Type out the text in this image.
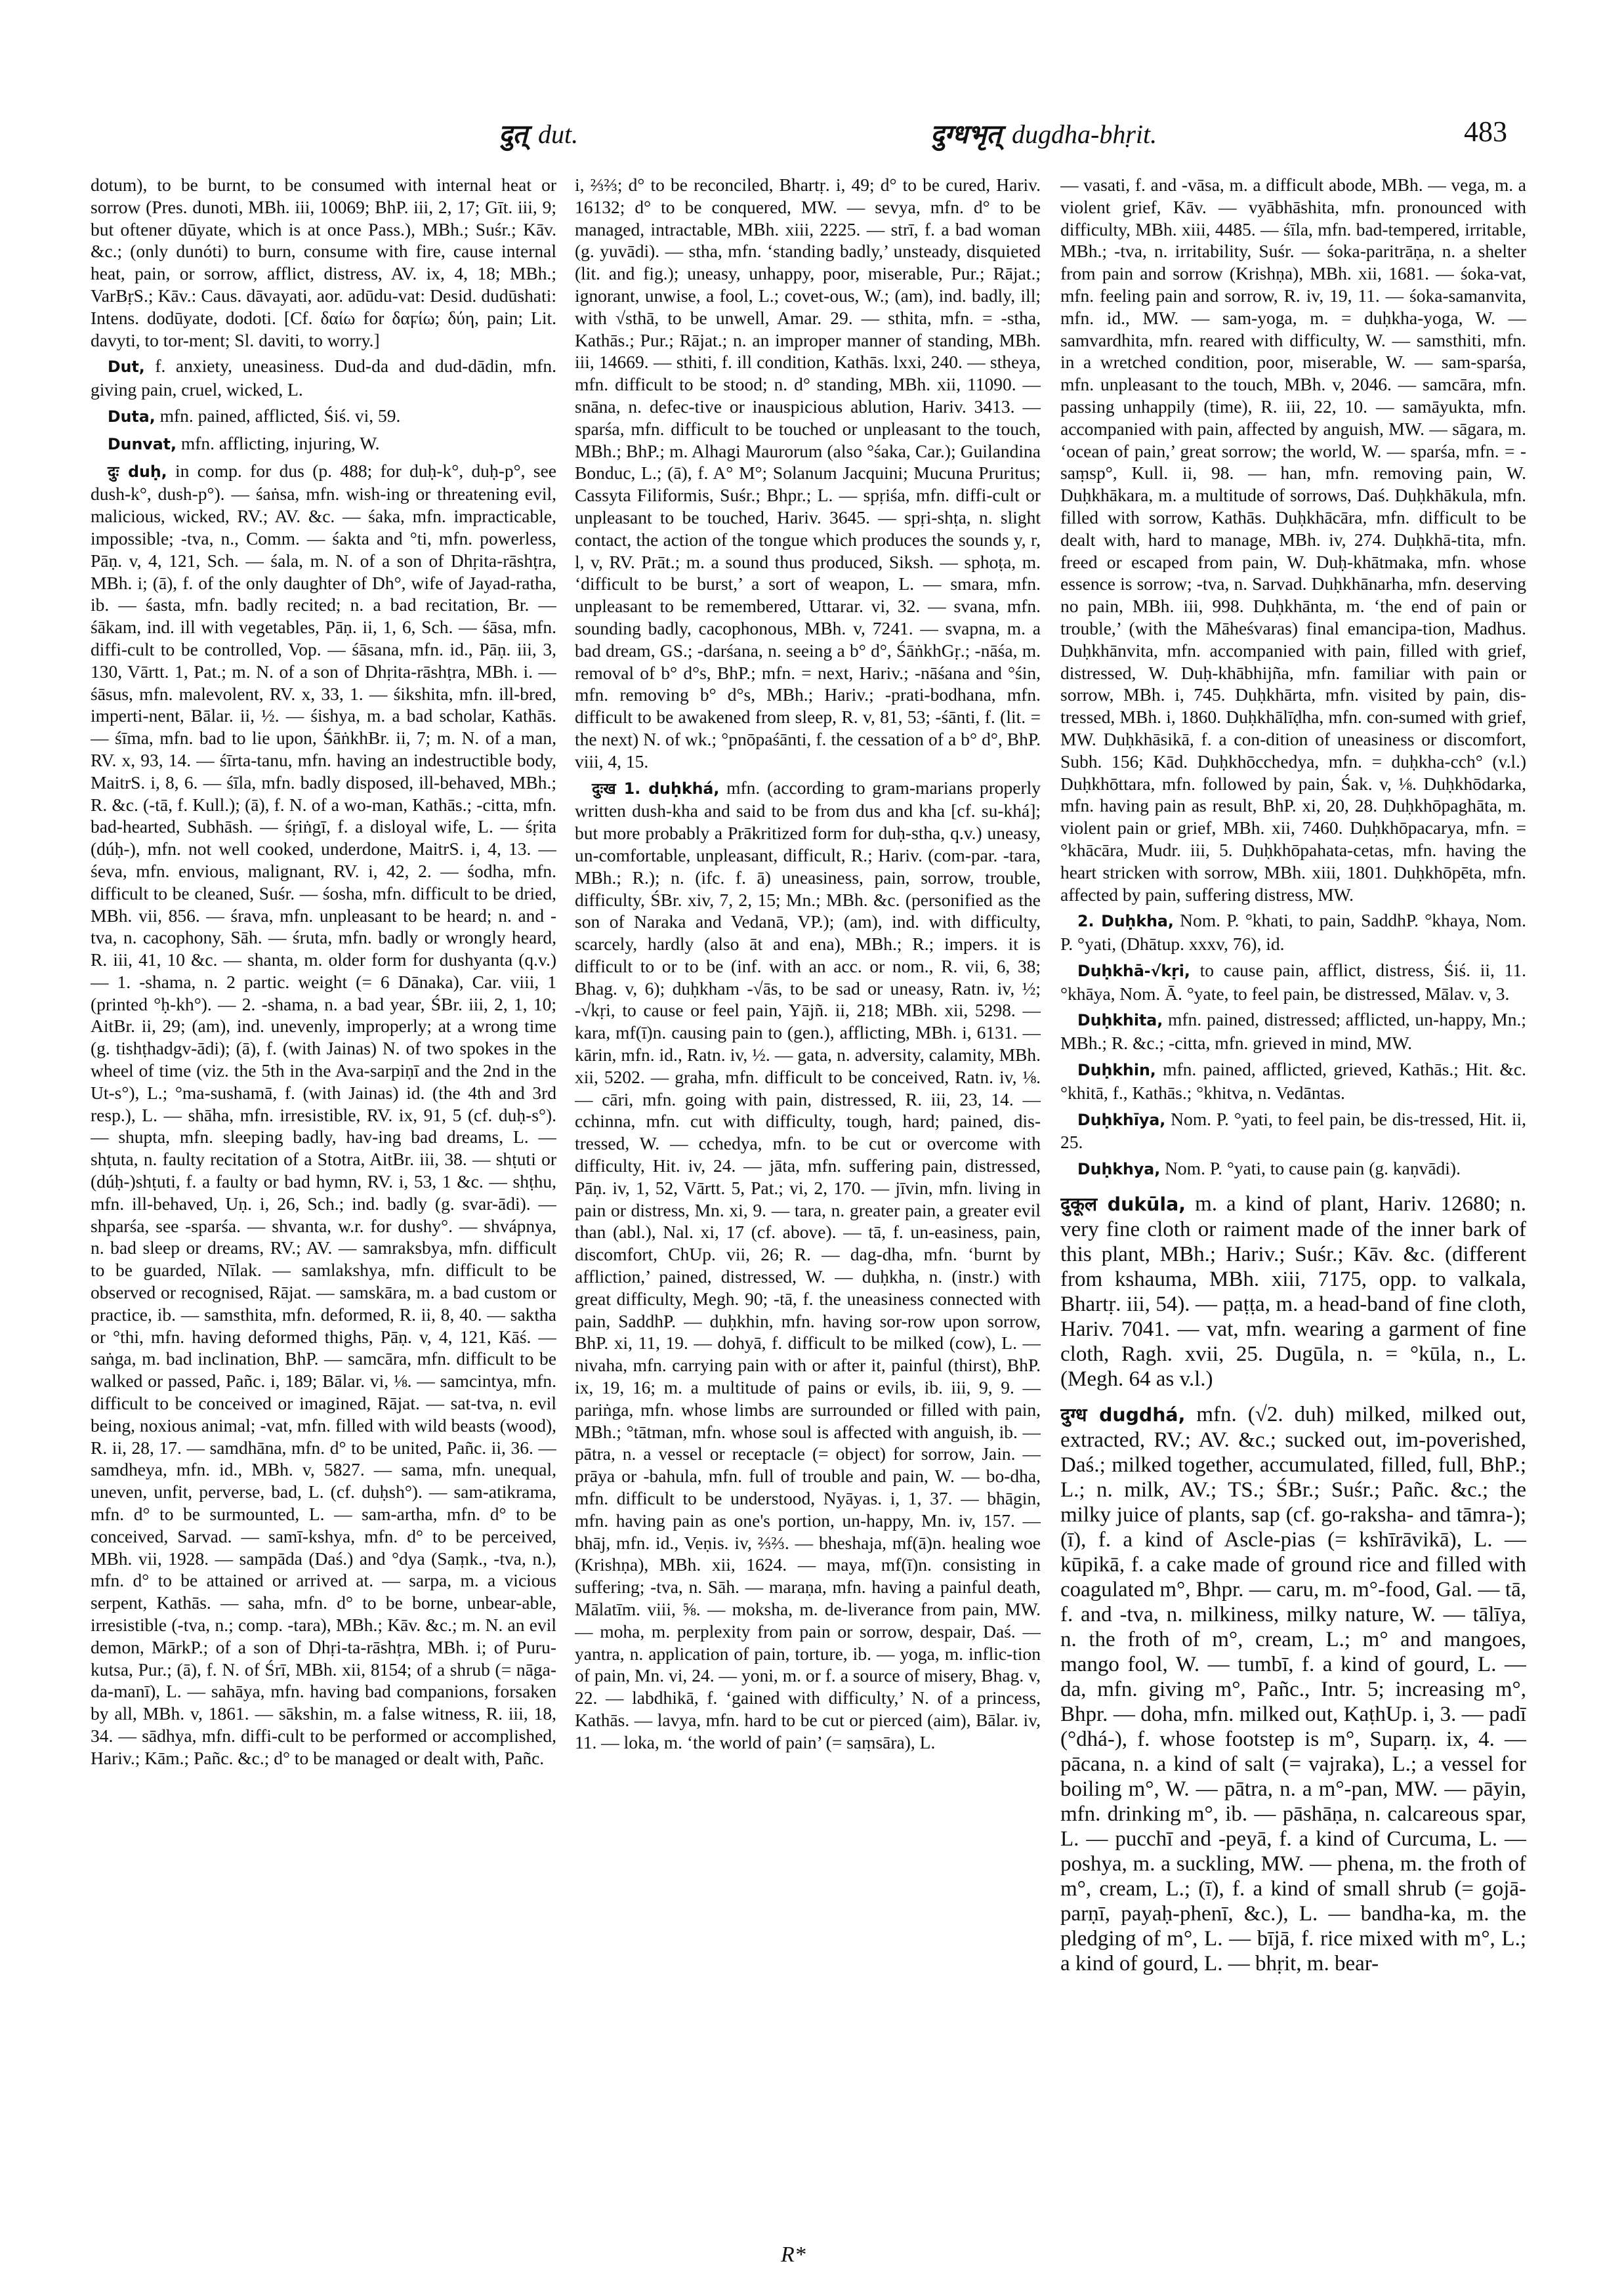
दुत् dut.	दुग्धभृत् dugdha-bhṛit.	483

dotum), to be burnt, to be consumed with internal heat or sorrow (Pres. dunoti, MBh. iii, 10069; BhP. iii, 2, 17; Gīt. iii, 9; but oftener dūyate, which is at once Pass.), MBh.; Suśr.; Kāv. &c.; (only dunóti) to burn, consume with fire, cause internal heat, pain, or sorrow, afflict, distress, AV. ix, 4, 18; MBh.; VarBṛS.; Kāv.: Caus. dāvayati, aor. adūdu-vat: Desid. dudūshati: Intens. dodūyate, dodoti. [Cf. δαίω for δαϝίω; δύη, pain; Lit. davyti, to tor-ment; Sl. daviti, to worry.]

Dut, f. anxiety, uneasiness. Dud-da and dud-dādin, mfn. giving pain, cruel, wicked, L.

Duta, mfn. pained, afflicted, Śiś. vi, 59.

Dunvat, mfn. afflicting, injuring, W.

दुः duḥ, in comp. for dus (p. 488; for duḥ-k°, duḥ-p°, see dush-k°, dush-p°). — śaṅsa, mfn. wish-ing or threatening evil, malicious, wicked, RV.; AV. &c. — śaka, mfn. impracticable, impossible; -tva, n., Comm. — śakta and °ti, mfn. powerless, Pāṇ. v, 4, 121, Sch. — śala, m. N. of a son of Dhṛita-rāshṭra, MBh. i; (ā), f. of the only daughter of Dh°, wife of Jayad-ratha, ib. — śasta, mfn. badly recited; n. a bad recitation, Br. — śākam, ind. ill with vegetables, Pāṇ. ii, 1, 6, Sch. — śāsa, mfn. diffi-cult to be controlled, Vop. — śāsana, mfn. id., Pāṇ. iii, 3, 130, Vārtt. 1, Pat.; m. N. of a son of Dhṛita-rāshṭra, MBh. i. — śāsus, mfn. malevolent, RV. x, 33, 1. — śikshita, mfn. ill-bred, imperti-nent, Bālar. ii, ½. — śishya, m. a bad scholar, Kathās. — śīma, mfn. bad to lie upon, ŚāṅkhBr. ii, 7; m. N. of a man, RV. x, 93, 14. — śīrta-tanu, mfn. having an indestructible body, MaitrS. i, 8, 6. — śīla, mfn. badly disposed, ill-behaved, MBh.; R. &c. (-tā, f. Kull.); (ā), f. N. of a wo-man, Kathās.; -citta, mfn. bad-hearted, Subhāsh. — śṛiṅgī, f. a disloyal wife, L. — śṛita (dúḥ-), mfn. not well cooked, underdone, MaitrS. i, 4, 13. — śeva, mfn. envious, malignant, RV. i, 42, 2. — śodha, mfn. difficult to be cleaned, Suśr. — śosha, mfn. difficult to be dried, MBh. vii, 856. — śrava, mfn. unpleasant to be heard; n. and -tva, n. cacophony, Sāh. — śruta, mfn. badly or wrongly heard, R. iii, 41, 10 &c. — shanta, m. older form for dushyanta (q.v.) — 1. -shama, n. 2 partic. weight (= 6 Dānaka), Car. viii, 1 (printed °ḥ-kh°). — 2. -shama, n. a bad year, ŚBr. iii, 2, 1, 10; AitBr. ii, 29; (am), ind. unevenly, improperly; at a wrong time (g. tishṭhadgv-ādi); (ā), f. (with Jainas) N. of two spokes in the wheel of time (viz. the 5th in the Ava-sarpiṇī and the 2nd in the Ut-s°), L.; °ma-sushamā, f. (with Jainas) id. (the 4th and 3rd resp.), L. — shāha, mfn. irresistible, RV. ix, 91, 5 (cf. duḥ-s°). — shupta, mfn. sleeping badly, hav-ing bad dreams, L. — shṭuta, n. faulty recitation of a Stotra, AitBr. iii, 38. — shṭuti or (dúḥ-)shṭuti, f. a faulty or bad hymn, RV. i, 53, 1 &c. — shṭhu, mfn. ill-behaved, Uṇ. i, 26, Sch.; ind. badly (g. svar-ādi). — shparśa, see -sparśa. — shvanta, w.r. for dushy°. — shvápnya, n. bad sleep or dreams, RV.; AV. — samraksbya, mfn. difficult to be guarded, Nīlak. — samlakshya, mfn. difficult to be observed or recognised, Rājat. — samskāra, m. a bad custom or practice, ib. — samsthita, mfn. deformed, R. ii, 8, 40. — saktha or °thi, mfn. having deformed thighs, Pāṇ. v, 4, 121, Kāś. — saṅga, m. bad inclination, BhP. — samcāra, mfn. difficult to be walked or passed, Pañc. i, 189; Bālar. vi, ⅛. — samcintya, mfn. difficult to be conceived or imagined, Rājat. — sat-tva, n. evil being, noxious animal; -vat, mfn. filled with wild beasts (wood), R. ii, 28, 17. — samdhāna, mfn. d° to be united, Pañc. ii, 36. — samdheya, mfn. id., MBh. v, 5827. — sama, mfn. unequal, uneven, unfit, perverse, bad, L. (cf. duḥsh°). — sam-atikrama, mfn. d° to be surmounted, L. — sam-artha, mfn. d° to be conceived, Sarvad. — samī-kshya, mfn. d° to be perceived, MBh. vii, 1928. — sampāda (Daś.) and °dya (Saṃk., -tva, n.), mfn. d° to be attained or arrived at. — sarpa, m. a vicious serpent, Kathās. — saha, mfn. d° to be borne, unbear-able, irresistible (-tva, n.; comp. -tara), MBh.; Kāv. &c.; m. N. an evil demon, MārkP.; of a son of Dhṛi-ta-rāshṭra, MBh. i; of Puru-kutsa, Pur.; (ā), f. N. of Śrī, MBh. xii, 8154; of a shrub (= nāga-da-manī), L. — sahāya, mfn. having bad companions, forsaken by all, MBh. v, 1861. — sākshin, m. a false witness, R. iii, 18, 34. — sādhya, mfn. diffi-cult to be performed or accomplished, Hariv.; Kām.; Pañc. &c.; d° to be managed or dealt with, Pañc.

i, ⅔⅔; d° to be reconciled, Bhartṛ. i, 49; d° to be cured, Hariv. 16132; d° to be conquered, MW. — sevya, mfn. d° to be managed, intractable, MBh. xiii, 2225. — strī, f. a bad woman (g. yuvādi). — stha, mfn. ‘standing badly,’ unsteady, disquieted (lit. and fig.); uneasy, unhappy, poor, miserable, Pur.; Rājat.; ignorant, unwise, a fool, L.; covet-ous, W.; (am), ind. badly, ill; with √sthā, to be unwell, Amar. 29. — sthita, mfn. = -stha, Kathās.; Pur.; Rājat.; n. an improper manner of standing, MBh. iii, 14669. — sthiti, f. ill condition, Kathās. lxxi, 240. — stheya, mfn. difficult to be stood; n. d° standing, MBh. xii, 11090. — snāna, n. defec-tive or inauspicious ablution, Hariv. 3413. — sparśa, mfn. difficult to be touched or unpleasant to the touch, MBh.; BhP.; m. Alhagi Maurorum (also °śaka, Car.); Guilandina Bonduc, L.; (ā), f. A° M°; Solanum Jacquini; Mucuna Pruritus; Cassyta Filiformis, Suśr.; Bhpr.; L. — spṛiśa, mfn. diffi-cult or unpleasant to be touched, Hariv. 3645. — spṛi-shṭa, n. slight contact, the action of the tongue which produces the sounds y, r, l, v, RV. Prāt.; m. a sound thus produced, Siksh. — sphoṭa, m. ‘difficult to be burst,’ a sort of weapon, L. — smara, mfn. unpleasant to be remembered, Uttarar. vi, 32. — svana, mfn. sounding badly, cacophonous, MBh. v, 7241. — svapna, m. a bad dream, GS.; -darśana, n. seeing a b° d°, ŚāṅkhGṛ.; -nāśa, m. removal of b° d°s, BhP.; mfn. = next, Hariv.; -nāśana and °śin, mfn. removing b° d°s, MBh.; Hariv.; -prati-bodhana, mfn. difficult to be awakened from sleep, R. v, 81, 53; -śānti, f. (lit. = the next) N. of wk.; °pnōpaśānti, f. the cessation of a b° d°, BhP. viii, 4, 15.

दुःख 1. duḥkhá, mfn. (according to gram-marians properly written dush-kha and said to be from dus and kha [cf. su-khá]; but more probably a Prākritized form for duḥ-stha, q.v.) uneasy, un-comfortable, unpleasant, difficult, R.; Hariv. (com-par. -tara, MBh.; R.); n. (ifc. f. ā) uneasiness, pain, sorrow, trouble, difficulty, ŚBr. xiv, 7, 2, 15; Mn.; MBh. &c. (personified as the son of Naraka and Vedanā, VP.); (am), ind. with difficulty, scarcely, hardly (also āt and ena), MBh.; R.; impers. it is difficult to or to be (inf. with an acc. or nom., R. vii, 6, 38; Bhag. v, 6); duḥkham -√ās, to be sad or uneasy, Ratn. iv, ½; -√kṛi, to cause or feel pain, Yājñ. ii, 218; MBh. xii, 5298. — kara, mf(ī)n. causing pain to (gen.), afflicting, MBh. i, 6131. — kārin, mfn. id., Ratn. iv, ½. — gata, n. adversity, calamity, MBh. xii, 5202. — graha, mfn. difficult to be conceived, Ratn. iv, ⅛. — cāri, mfn. going with pain, distressed, R. iii, 23, 14. — cchinna, mfn. cut with difficulty, tough, hard; pained, dis-tressed, W. — cchedya, mfn. to be cut or overcome with difficulty, Hit. iv, 24. — jāta, mfn. suffering pain, distressed, Pāṇ. iv, 1, 52, Vārtt. 5, Pat.; vi, 2, 170. — jīvin, mfn. living in pain or distress, Mn. xi, 9. — tara, n. greater pain, a greater evil than (abl.), Nal. xi, 17 (cf. above). — tā, f. un-easiness, pain, discomfort, ChUp. vii, 26; R. — dag-dha, mfn. ‘burnt by affliction,’ pained, distressed, W. — duḥkha, n. (instr.) with great difficulty, Megh. 90; -tā, f. the uneasiness connected with pain, SaddhP. — duḥkhin, mfn. having sor-row upon sorrow, BhP. xi, 11, 19. — dohyā, f. difficult to be milked (cow), L. — nivaha, mfn. carrying pain with or after it, painful (thirst), BhP. ix, 19, 16; m. a multitude of pains or evils, ib. iii, 9, 9. — pariṅga, mfn. whose limbs are surrounded or filled with pain, MBh.; °tātman, mfn. whose soul is affected with anguish, ib. — pātra, n. a vessel or receptacle (= object) for sorrow, Jain. — prāya or -bahula, mfn. full of trouble and pain, W. — bo-dha, mfn. difficult to be understood, Nyāyas. i, 1, 37. — bhāgin, mfn. having pain as one's portion, un-happy, Mn. iv, 157. — bhāj, mfn. id., Veṇis. iv, ⅔⅔. — bheshaja, mf(ā)n. healing woe (Krishṇa), MBh. xii, 1624. — maya, mf(ī)n. consisting in suffering; -tva, n. Sāh. — maraṇa, mfn. having a painful death, Mālatīm. viii, ⅝. — moksha, m. de-liverance from pain, MW. — moha, m. perplexity from pain or sorrow, despair, Daś. — yantra, n. application of pain, torture, ib. — yoga, m. inflic-tion of pain, Mn. vi, 24. — yoni, m. or f. a source of misery, Bhag. v, 22. — labdhikā, f. ‘gained with difficulty,’ N. of a princess, Kathās. — lavya, mfn. hard to be cut or pierced (aim), Bālar. iv, 11. — loka, m. ‘the world of pain’ (= saṃsāra), L.

— vasati, f. and -vāsa, m. a difficult abode, MBh. — vega, m. a violent grief, Kāv. — vyābhāshita, mfn. pronounced with difficulty, MBh. xiii, 4485. — śīla, mfn. bad-tempered, irritable, MBh.; -tva, n. irritability, Suśr. — śoka-paritrāṇa, n. a shelter from pain and sorrow (Krishṇa), MBh. xii, 1681. — śoka-vat, mfn. feeling pain and sorrow, R. iv, 19, 11. — śoka-samanvita, mfn. id., MW. — sam-yoga, m. = duḥkha-yoga, W. — samvardhita, mfn. reared with difficulty, W. — samsthiti, mfn. in a wretched condition, poor, miserable, W. — sam-sparśa, mfn. unpleasant to the touch, MBh. v, 2046. — samcāra, mfn. passing unhappily (time), R. iii, 22, 10. — samāyukta, mfn. accompanied with pain, affected by anguish, MW. — sāgara, m. ‘ocean of pain,’ great sorrow; the world, W. — sparśa, mfn. = -saṃsp°, Kull. ii, 98. — han, mfn. removing pain, W. Duḥkhākara, m. a multitude of sorrows, Daś. Duḥkhākula, mfn. filled with sorrow, Kathās. Duḥkhācāra, mfn. difficult to be dealt with, hard to manage, MBh. iv, 274. Duḥkhā-tita, mfn. freed or escaped from pain, W. Duḥ-khātmaka, mfn. whose essence is sorrow; -tva, n. Sarvad. Duḥkhānarha, mfn. deserving no pain, MBh. iii, 998. Duḥkhānta, m. ‘the end of pain or trouble,’ (with the Māheśvaras) final emancipa-tion, Madhus. Duḥkhānvita, mfn. accompanied with pain, filled with grief, distressed, W. Duḥ-khābhijña, mfn. familiar with pain or sorrow, MBh. i, 745. Duḥkhārta, mfn. visited by pain, dis-tressed, MBh. i, 1860. Duḥkhālīḍha, mfn. con-sumed with grief, MW. Duḥkhāsikā, f. a con-dition of uneasiness or discomfort, Subh. 156; Kād. Duḥkhōcchedya, mfn. = duḥkha-cch° (v.l.) Duḥkhōttara, mfn. followed by pain, Śak. v, ⅛. Duḥkhōdarka, mfn. having pain as result, BhP. xi, 20, 28. Duḥkhōpaghāta, m. violent pain or grief, MBh. xii, 7460. Duḥkhōpacarya, mfn. = °khācāra, Mudr. iii, 5. Duḥkhōpahata-cetas, mfn. having the heart stricken with sorrow, MBh. xiii, 1801. Duḥkhōpēta, mfn. affected by pain, suffering distress, MW.

2. Duḥkha, Nom. P. °khati, to pain, SaddhP. °khaya, Nom. P. °yati, (Dhātup. xxxv, 76), id.

Duḥkhā-√kṛi, to cause pain, afflict, distress, Śiś. ii, 11. °khāya, Nom. Ā. °yate, to feel pain, be distressed, Mālav. v, 3.

Duḥkhita, mfn. pained, distressed; afflicted, un-happy, Mn.; MBh.; R. &c.; -citta, mfn. grieved in mind, MW.

Duḥkhin, mfn. pained, afflicted, grieved, Kathās.; Hit. &c. °khitā, f., Kathās.; °khitva, n. Vedāntas.

Duḥkhīya, Nom. P. °yati, to feel pain, be dis-tressed, Hit. ii, 25.

Duḥkhya, Nom. P. °yati, to cause pain (g. kaṇvādi).

दुकूल dukūla, m. a kind of plant, Hariv. 12680; n. very fine cloth or raiment made of the inner bark of this plant, MBh.; Hariv.; Suśr.; Kāv. &c. (different from kshauma, MBh. xiii, 7175, opp. to valkala, Bhartṛ. iii, 54). — paṭṭa, m. a head-band of fine cloth, Hariv. 7041. — vat, mfn. wearing a garment of fine cloth, Ragh. xvii, 25. Dugūla, n. = °kūla, n., L. (Megh. 64 as v.l.)

दुग्ध dugdhá, mfn. (√2. duh) milked, milked out, extracted, RV.; AV. &c.; sucked out, im-poverished, Daś.; milked together, accumulated, filled, full, BhP.; L.; n. milk, AV.; TS.; ŚBr.; Suśr.; Pañc. &c.; the milky juice of plants, sap (cf. go-raksha- and tāmra-); (ī), f. a kind of Ascle-pias (= kshīrāvikā), L. — kūpikā, f. a cake made of ground rice and filled with coagulated m°, Bhpr. — caru, m. m°-food, Gal. — tā, f. and -tva, n. milkiness, milky nature, W. — tālīya, n. the froth of m°, cream, L.; m° and mangoes, mango fool, W. — tumbī, f. a kind of gourd, L. — da, mfn. giving m°, Pañc., Intr. 5; increasing m°, Bhpr. — doha, mfn. milked out, KaṭhUp. i, 3. — padī (°dhá-), f. whose footstep is m°, Suparṇ. ix, 4. — pācana, n. a kind of salt (= vajraka), L.; a vessel for boiling m°, W. — pātra, n. a m°-pan, MW. — pāyin, mfn. drinking m°, ib. — pāshāṇa, n. calcareous spar, L. — pucchī and -peyā, f. a kind of Curcuma, L. — poshya, m. a suckling, MW. — phena, m. the froth of m°, cream, L.; (ī), f. a kind of small shrub (= gojā-parṇī, payaḥ-phenī, &c.), L. — bandha-ka, m. the pledging of m°, L. — bījā, f. rice mixed with m°, L.; a kind of gourd, L. — bhṛit, m. bear-

R*
